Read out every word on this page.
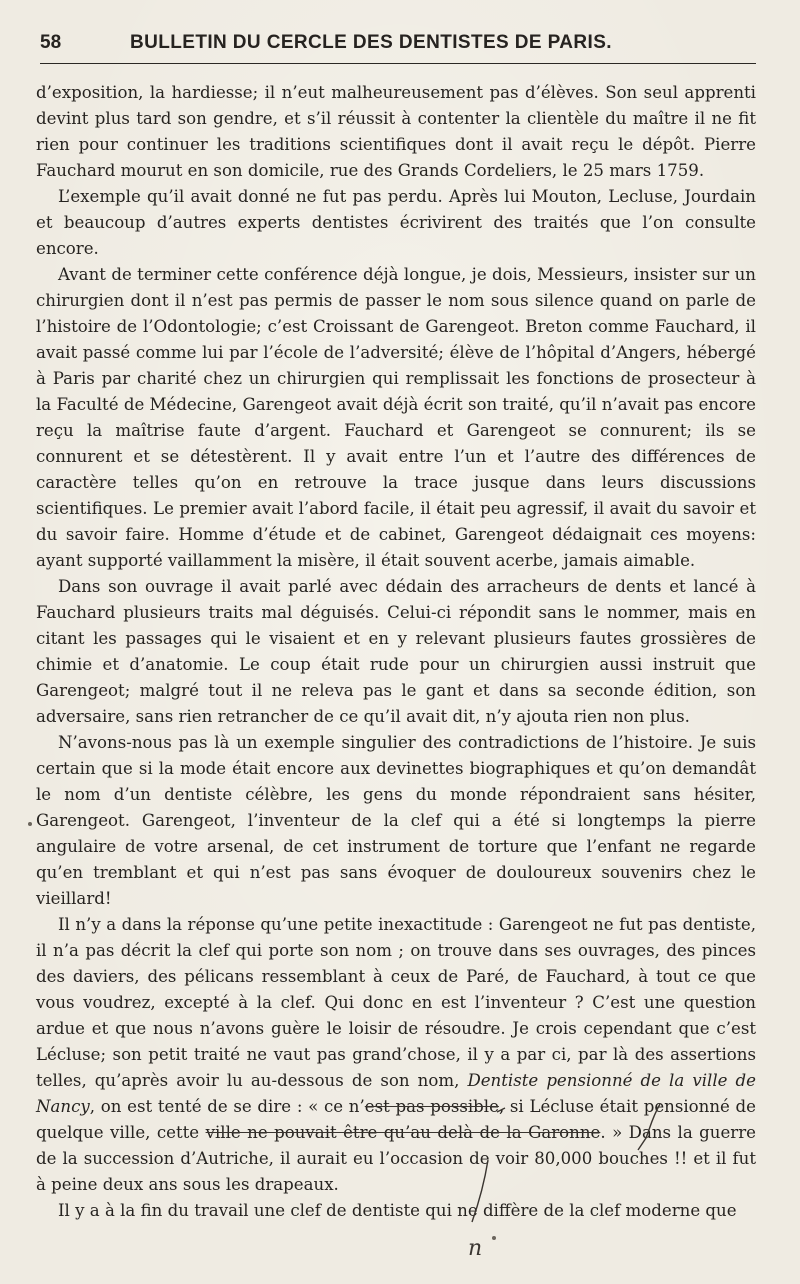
58	BULLETIN DU CERCLE DES DENTISTES DE PARIS.

d’exposition, la hardiesse; il n’eut malheureusement pas d’élèves. Son seul apprenti devint plus tard son gendre, et s’il réussit à contenter la clientèle du maître il ne fit rien pour continuer les traditions scientifiques dont il avait reçu le dépôt. Pierre Fauchard mourut en son domicile, rue des Grands Cordeliers, le 25 mars 1759.

L’exemple qu’il avait donné ne fut pas perdu. Après lui Mouton, Lecluse, Jourdain et beaucoup d’autres experts dentistes écrivirent des traités que l’on consulte encore.

Avant de terminer cette conférence déjà longue, je dois, Messieurs, insister sur un chirurgien dont il n’est pas permis de passer le nom sous silence quand on parle de l’histoire de l’Odontologie; c’est Croissant de Garengeot. Breton comme Fauchard, il avait passé comme lui par l’école de l’adversité; élève de l’hôpital d’Angers, hébergé à Paris par charité chez un chirurgien qui remplissait les fonctions de prosecteur à la Faculté de Médecine, Garengeot avait déjà écrit son traité, qu’il n’avait pas encore reçu la maîtrise faute d’argent. Fauchard et Garengeot se connurent; ils se connurent et se détestèrent. Il y avait entre l’un et l’autre des différences de caractère telles qu’on en retrouve la trace jusque dans leurs discussions scientifiques. Le premier avait l’abord facile, il était peu agressif, il avait du savoir et du savoir faire. Homme d’étude et de cabinet, Garengeot dédaignait ces moyens: ayant supporté vaillamment la misère, il était souvent acerbe, jamais aimable.

Dans son ouvrage il avait parlé avec dédain des arracheurs de dents et lancé à Fauchard plusieurs traits mal déguisés. Celui-ci répondit sans le nommer, mais en citant les passages qui le visaient et en y relevant plusieurs fautes grossières de chimie et d’anatomie. Le coup était rude pour un chirurgien aussi instruit que Garengeot; malgré tout il ne releva pas le gant et dans sa seconde édition, son adversaire, sans rien retrancher de ce qu’il avait dit, n’y ajouta rien non plus.

N’avons-nous pas là un exemple singulier des contradictions de l’histoire. Je suis certain que si la mode était encore aux devinettes biographiques et qu’on demandât le nom d’un dentiste célèbre, les gens du monde répondraient sans hésiter, Garengeot. Garengeot, l’inventeur de la clef qui a été si longtemps la pierre angulaire de votre arsenal, de cet instrument de torture que l’enfant ne regarde qu’en tremblant et qui n’est pas sans évoquer de douloureux souvenirs chez le vieillard!

Il n’y a dans la réponse qu’une petite inexactitude : Garengeot ne fut pas dentiste, il n’a pas décrit la clef qui porte son nom ; on trouve dans ses ouvrages, des pinces des daviers, des pélicans ressemblant à ceux de Paré, de Fauchard, à tout ce que vous voudrez, excepté à la clef. Qui donc en est l’inventeur ? C’est une question ardue et que nous n’avons guère le loisir de résoudre. Je crois cependant que c’est Lécluse; son petit traité ne vaut pas grand’chose, il y a par ci, par là des assertions telles, qu’après avoir lu au-dessous de son nom, Dentiste pensionné de la ville de Nancy, on est tenté de se dire : « ce n’est pas possible, si Lécluse était pensionné de quelque ville, cette ville ne pouvait être qu’au delà de la Garonne. » Dans la guerre de la succession d’Autriche, il aurait eu l’occasion de voir 80,000 bouches !! et il fut à peine deux ans sous les drapeaux.

Il y a à la fin du travail une clef de dentiste qui ne diffère de la clef moderne que

n
